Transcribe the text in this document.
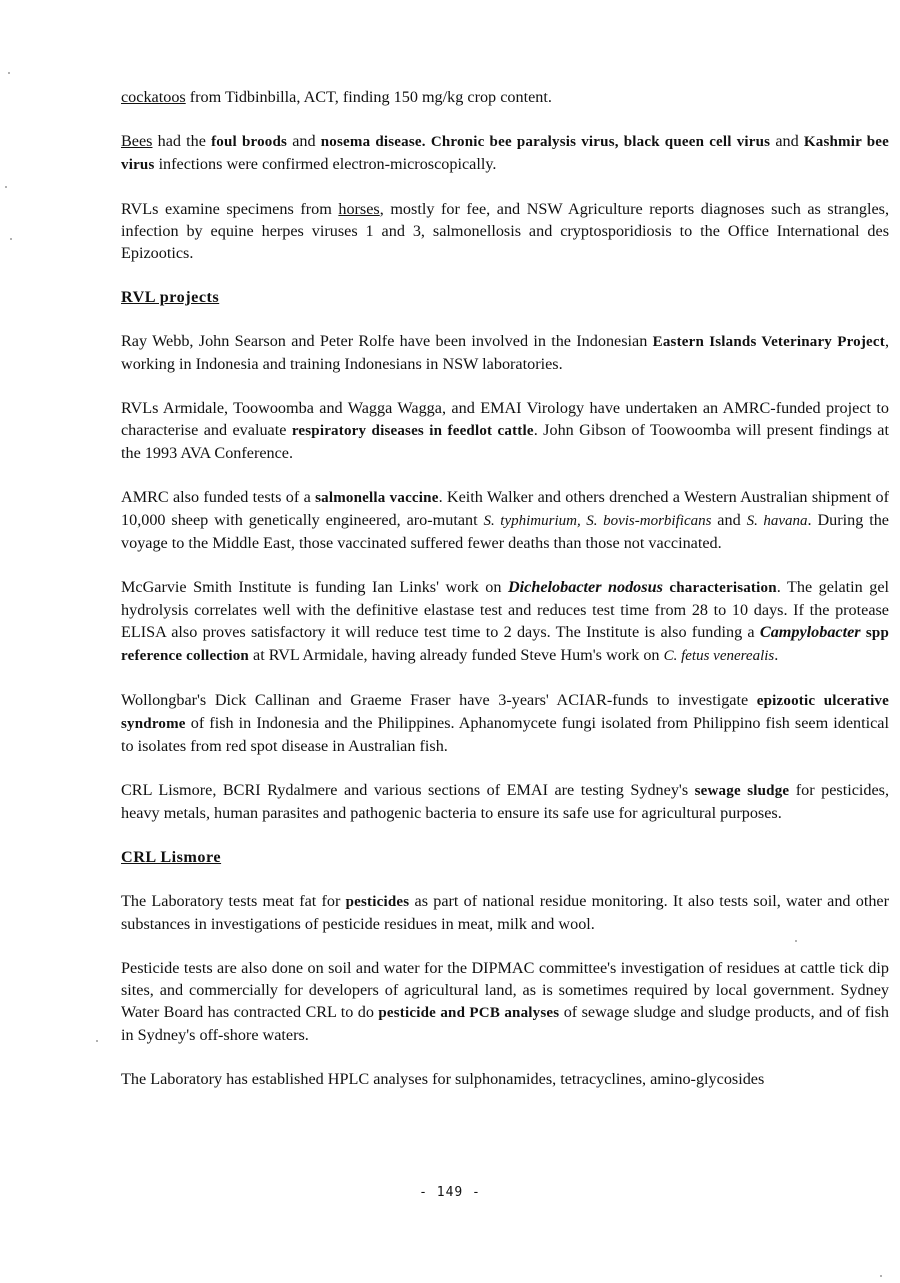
cockatoos from Tidbinbilla, ACT, finding 150 mg/kg crop content.

Bees had the foul broods and nosema disease. Chronic bee paralysis virus, black queen cell virus and Kashmir bee virus infections were confirmed electron-microscopically.

RVLs examine specimens from horses, mostly for fee, and NSW Agriculture reports diagnoses such as strangles, infection by equine herpes viruses 1 and 3, salmonellosis and cryptosporidiosis to the Office International des Epizootics.

RVL projects

Ray Webb, John Searson and Peter Rolfe have been involved in the Indonesian Eastern Islands Veterinary Project, working in Indonesia and training Indonesians in NSW laboratories.

RVLs Armidale, Toowoomba and Wagga Wagga, and EMAI Virology have undertaken an AMRC-funded project to characterise and evaluate respiratory diseases in feedlot cattle. John Gibson of Toowoomba will present findings at the 1993 AVA Conference.

AMRC also funded tests of a salmonella vaccine. Keith Walker and others drenched a Western Australian shipment of 10,000 sheep with genetically engineered, aro-mutant S. typhimurium, S. bovis-morbificans and S. havana. During the voyage to the Middle East, those vaccinated suffered fewer deaths than those not vaccinated.

McGarvie Smith Institute is funding Ian Links' work on Dichelobacter nodosus characterisation. The gelatin gel hydrolysis correlates well with the definitive elastase test and reduces test time from 28 to 10 days. If the protease ELISA also proves satisfactory it will reduce test time to 2 days. The Institute is also funding a Campylobacter spp reference collection at RVL Armidale, having already funded Steve Hum's work on C. fetus venerealis.

Wollongbar's Dick Callinan and Graeme Fraser have 3-years' ACIAR-funds to investigate epizootic ulcerative syndrome of fish in Indonesia and the Philippines. Aphanomycete fungi isolated from Philippino fish seem identical to isolates from red spot disease in Australian fish.

CRL Lismore, BCRI Rydalmere and various sections of EMAI are testing Sydney's sewage sludge for pesticides, heavy metals, human parasites and pathogenic bacteria to ensure its safe use for agricultural purposes.

CRL Lismore

The Laboratory tests meat fat for pesticides as part of national residue monitoring. It also tests soil, water and other substances in investigations of pesticide residues in meat, milk and wool.

Pesticide tests are also done on soil and water for the DIPMAC committee's investigation of residues at cattle tick dip sites, and commercially for developers of agricultural land, as is sometimes required by local government. Sydney Water Board has contracted CRL to do pesticide and PCB analyses of sewage sludge and sludge products, and of fish in Sydney's off-shore waters.

The Laboratory has established HPLC analyses for sulphonamides, tetracyclines, amino-glycosides

- 149 -
